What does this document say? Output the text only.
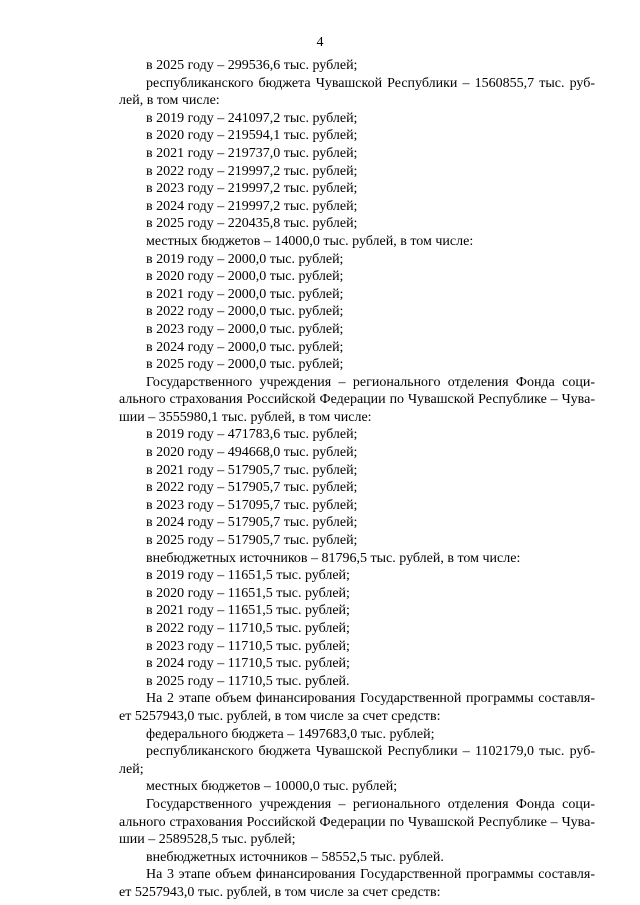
4

в 2025 году – 299536,6 тыс. рублей;

республиканского бюджета Чувашской Республики – 1560855,7 тыс. руб-

лей, в том числе:

в 2019 году – 241097,2 тыс. рублей;

в 2020 году – 219594,1 тыс. рублей;

в 2021 году – 219737,0 тыс. рублей;

в 2022 году – 219997,2 тыс. рублей;

в 2023 году – 219997,2 тыс. рублей;

в 2024 году – 219997,2 тыс. рублей;

в 2025 году – 220435,8 тыс. рублей;

местных бюджетов – 14000,0 тыс. рублей, в том числе:

в 2019 году – 2000,0 тыс. рублей;

в 2020 году – 2000,0 тыс. рублей;

в 2021 году – 2000,0 тыс. рублей;

в 2022 году – 2000,0 тыс. рублей;

в 2023 году – 2000,0 тыс. рублей;

в 2024 году – 2000,0 тыс. рублей;

в 2025 году – 2000,0 тыс. рублей;

Государственного учреждения – регионального отделения Фонда соци-

ального страхования Российской Федерации по Чувашской Республике – Чува-

шии – 3555980,1 тыс. рублей, в том числе:

в 2019 году – 471783,6 тыс. рублей;

в 2020 году – 494668,0 тыс. рублей;

в 2021 году – 517905,7 тыс. рублей;

в 2022 году – 517905,7 тыс. рублей;

в 2023 году – 517095,7 тыс. рублей;

в 2024 году – 517905,7 тыс. рублей;

в 2025 году – 517905,7 тыс. рублей;

внебюджетных источников – 81796,5 тыс. рублей, в том числе:

в 2019 году – 11651,5 тыс. рублей;

в 2020 году – 11651,5 тыс. рублей;

в 2021 году – 11651,5 тыс. рублей;

в 2022 году – 11710,5 тыс. рублей;

в 2023 году – 11710,5 тыс. рублей;

в 2024 году – 11710,5 тыс. рублей;

в 2025 году – 11710,5 тыс. рублей.

На 2 этапе объем финансирования Государственной программы составля-

ет 5257943,0 тыс. рублей, в том числе за счет средств:

федерального бюджета – 1497683,0 тыс. рублей;

республиканского бюджета Чувашской Республики – 1102179,0 тыс. руб-

лей;

местных бюджетов – 10000,0 тыс. рублей;

Государственного учреждения – регионального отделения Фонда соци-

ального страхования Российской Федерации по Чувашской Республике – Чува-

шии – 2589528,5 тыс. рублей;

внебюджетных источников – 58552,5 тыс. рублей.

На 3 этапе объем финансирования Государственной программы составля-

ет 5257943,0 тыс. рублей, в том числе за счет средств:
